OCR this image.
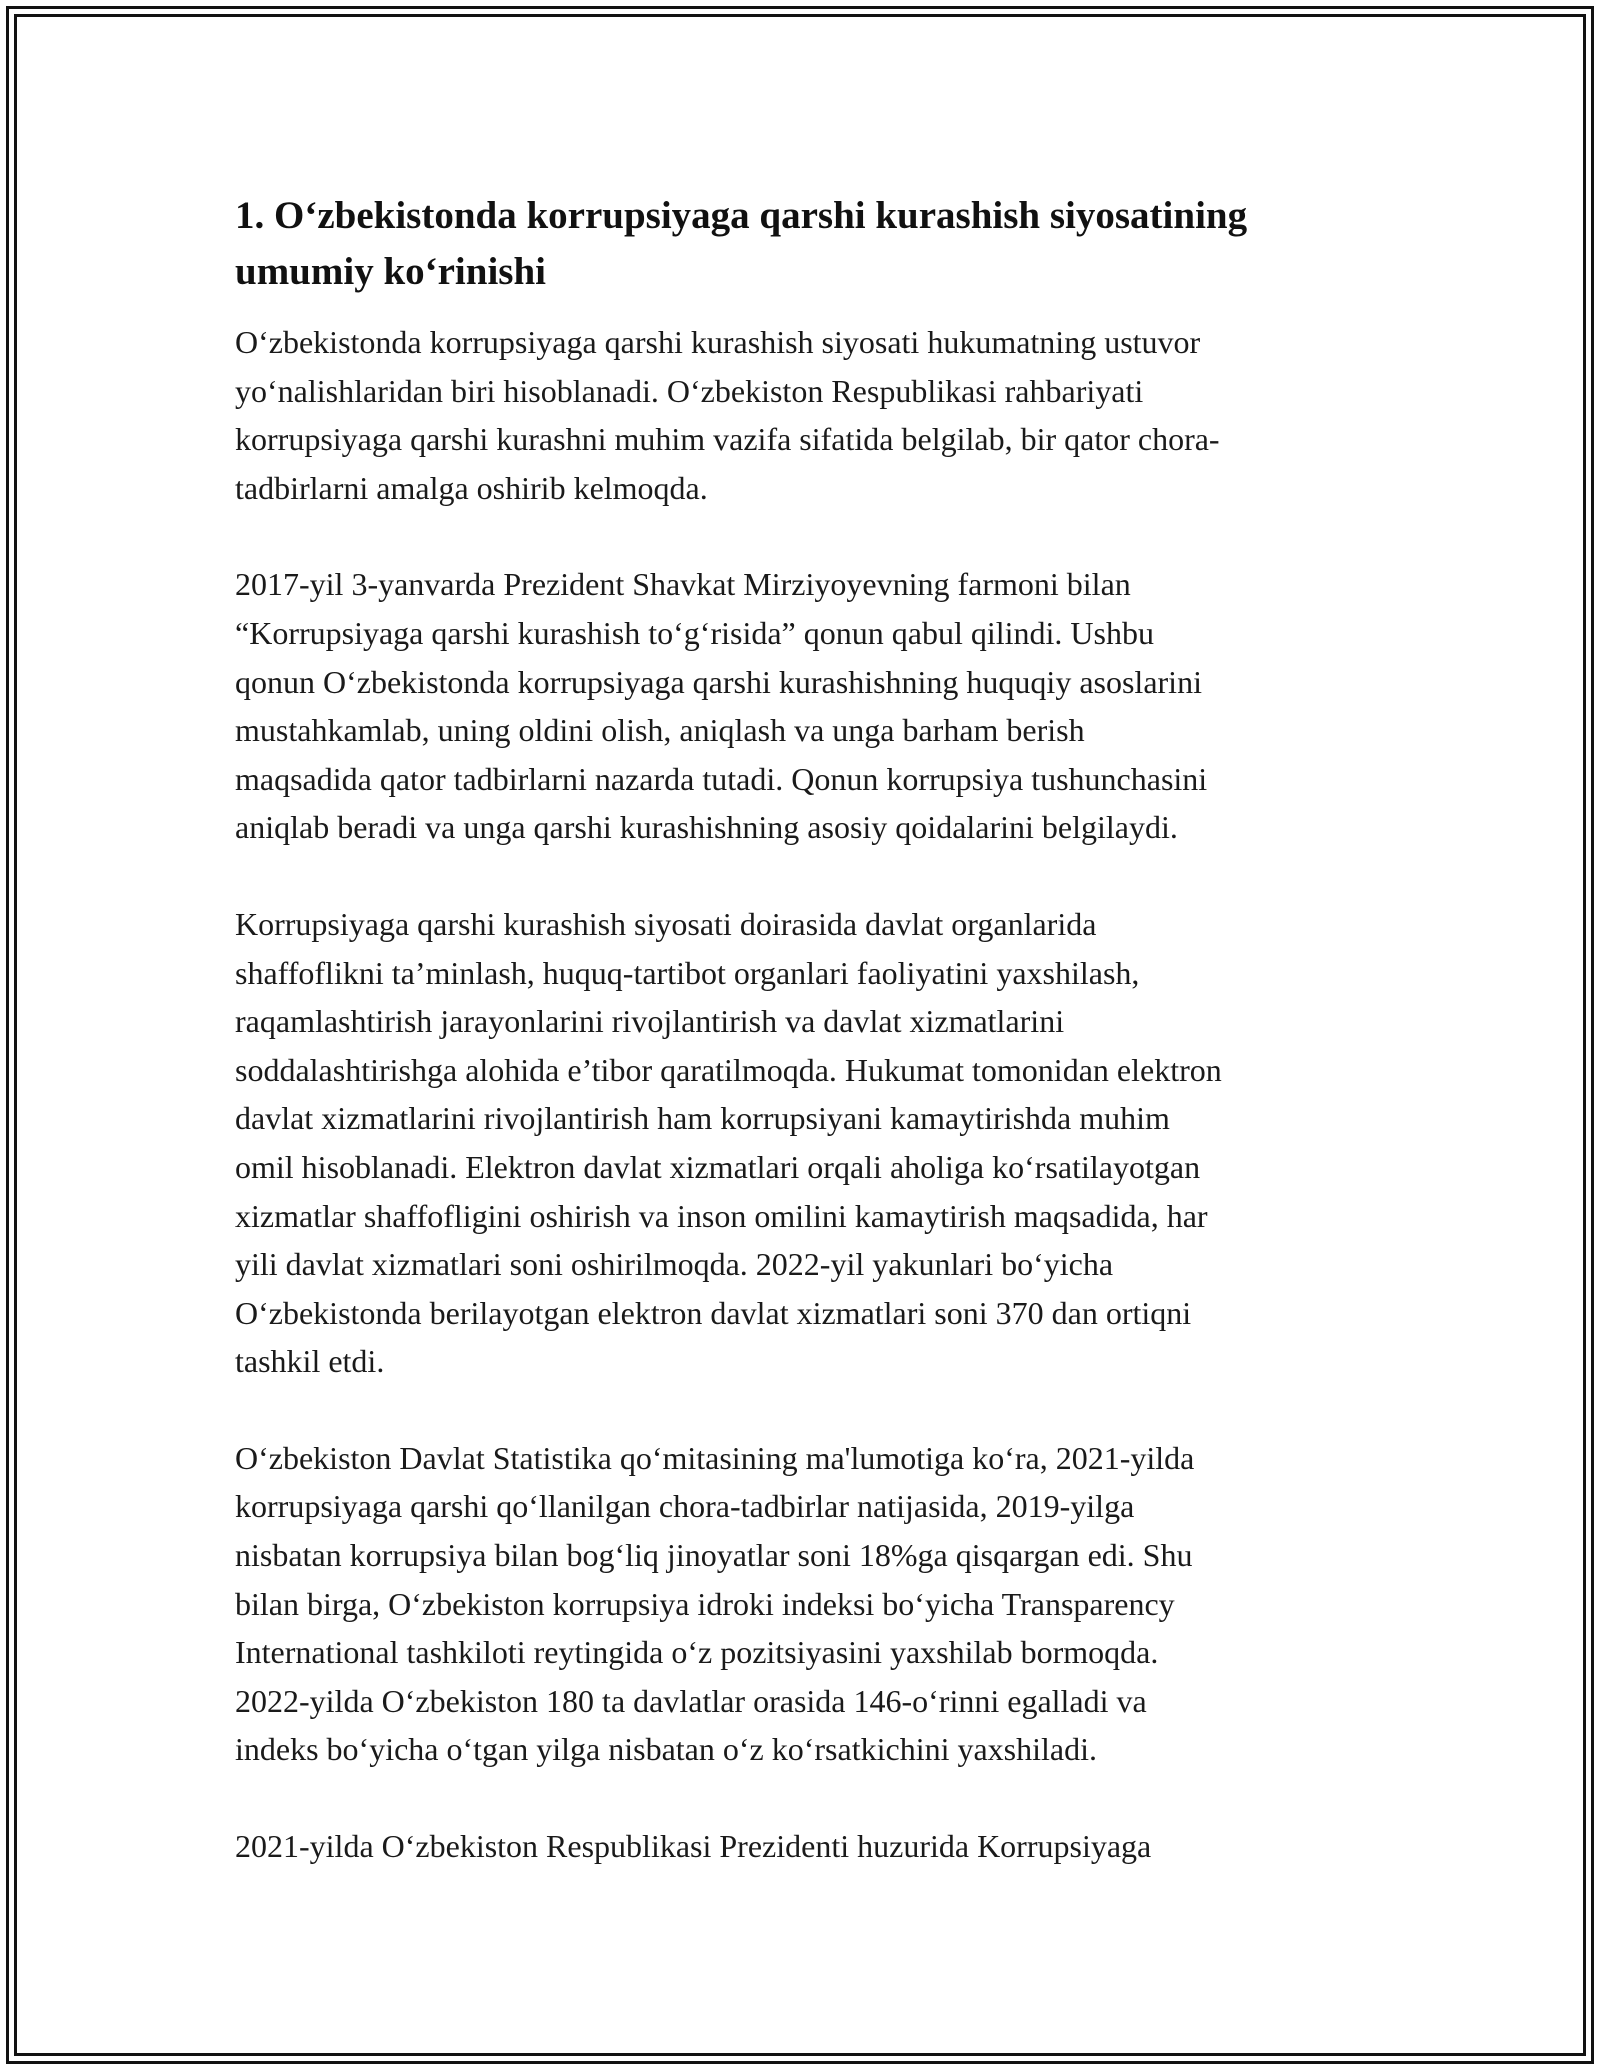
1. O‘zbekistonda korrupsiyaga qarshi kurashish siyosatining
umumiy ko‘rinishi

O‘zbekistonda korrupsiyaga qarshi kurashish siyosati hukumatning ustuvor
yo‘nalishlaridan biri hisoblanadi. O‘zbekiston Respublikasi rahbariyati
korrupsiyaga qarshi kurashni muhim vazifa sifatida belgilab, bir qator chora-
tadbirlarni amalga oshirib kelmoqda.

2017-yil 3-yanvarda Prezident Shavkat Mirziyoyevning farmoni bilan
“Korrupsiyaga qarshi kurashish to‘g‘risida” qonun qabul qilindi. Ushbu
qonun O‘zbekistonda korrupsiyaga qarshi kurashishning huquqiy asoslarini
mustahkamlab, uning oldini olish, aniqlash va unga barham berish
maqsadida qator tadbirlarni nazarda tutadi. Qonun korrupsiya tushunchasini
aniqlab beradi va unga qarshi kurashishning asosiy qoidalarini belgilaydi.

Korrupsiyaga qarshi kurashish siyosati doirasida davlat organlarida
shaffoflikni ta’minlash, huquq-tartibot organlari faoliyatini yaxshilash,
raqamlashtirish jarayonlarini rivojlantirish va davlat xizmatlarini
soddalashtirishga alohida e’tibor qaratilmoqda. Hukumat tomonidan elektron
davlat xizmatlarini rivojlantirish ham korrupsiyani kamaytirishda muhim
omil hisoblanadi. Elektron davlat xizmatlari orqali aholiga ko‘rsatilayotgan
xizmatlar shaffofligini oshirish va inson omilini kamaytirish maqsadida, har
yili davlat xizmatlari soni oshirilmoqda. 2022-yil yakunlari bo‘yicha
O‘zbekistonda berilayotgan elektron davlat xizmatlari soni 370 dan ortiqni
tashkil etdi.

O‘zbekiston Davlat Statistika qo‘mitasining ma'lumotiga ko‘ra, 2021-yilda
korrupsiyaga qarshi qo‘llanilgan chora-tadbirlar natijasida, 2019-yilga
nisbatan korrupsiya bilan bog‘liq jinoyatlar soni 18%ga qisqargan edi. Shu
bilan birga, O‘zbekiston korrupsiya idroki indeksi bo‘yicha Transparency
International tashkiloti reytingida o‘z pozitsiyasini yaxshilab bormoqda.
2022-yilda O‘zbekiston 180 ta davlatlar orasida 146-o‘rinni egalladi va
indeks bo‘yicha o‘tgan yilga nisbatan o‘z ko‘rsatkichini yaxshiladi.

2021-yilda O‘zbekiston Respublikasi Prezidenti huzurida Korrupsiyaga
